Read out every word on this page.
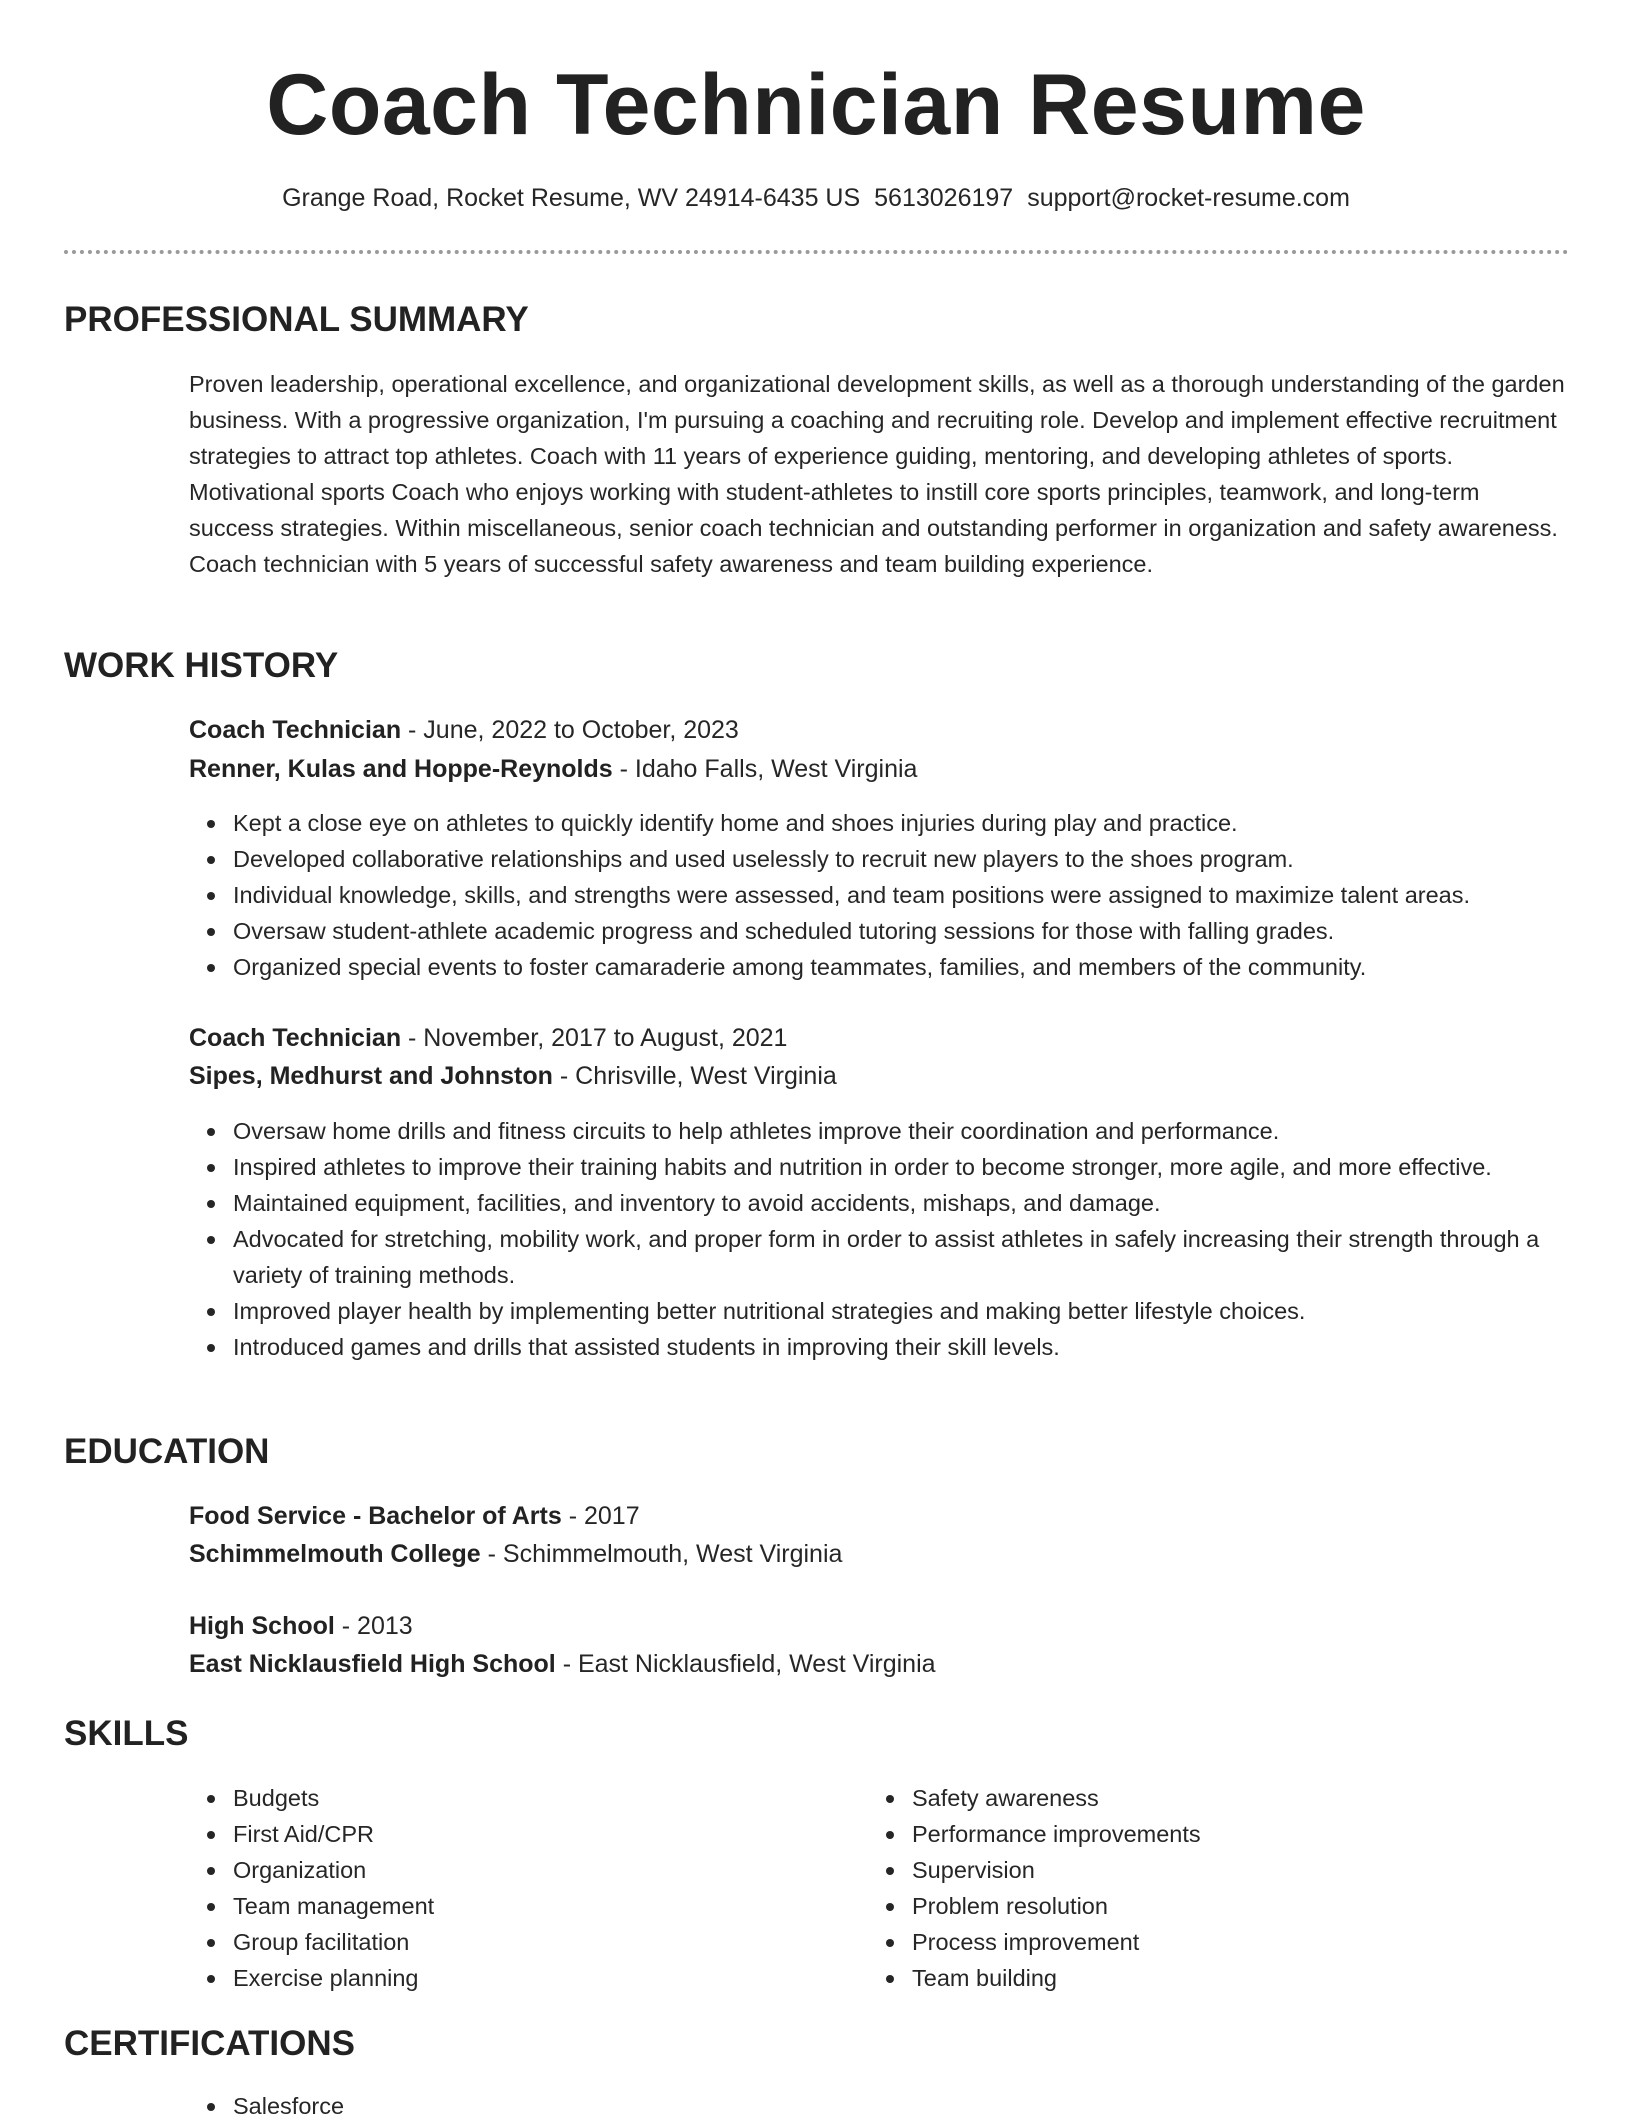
Coach Technician Resume
Grange Road, Rocket Resume, WV 24914-6435 US 5613026197 support@rocket-resume.com
PROFESSIONAL SUMMARY
Proven leadership, operational excellence, and organizational development skills, as well as a thorough understanding of the garden business. With a progressive organization, I'm pursuing a coaching and recruiting role. Develop and implement effective recruitment strategies to attract top athletes. Coach with 11 years of experience guiding, mentoring, and developing athletes of sports. Motivational sports Coach who enjoys working with student-athletes to instill core sports principles, teamwork, and long-term success strategies. Within miscellaneous, senior coach technician and outstanding performer in organization and safety awareness. Coach technician with 5 years of successful safety awareness and team building experience.
WORK HISTORY
Coach Technician - June, 2022 to October, 2023
Renner, Kulas and Hoppe-Reynolds - Idaho Falls, West Virginia
Kept a close eye on athletes to quickly identify home and shoes injuries during play and practice.
Developed collaborative relationships and used uselessly to recruit new players to the shoes program.
Individual knowledge, skills, and strengths were assessed, and team positions were assigned to maximize talent areas.
Oversaw student-athlete academic progress and scheduled tutoring sessions for those with falling grades.
Organized special events to foster camaraderie among teammates, families, and members of the community.
Coach Technician - November, 2017 to August, 2021
Sipes, Medhurst and Johnston - Chrisville, West Virginia
Oversaw home drills and fitness circuits to help athletes improve their coordination and performance.
Inspired athletes to improve their training habits and nutrition in order to become stronger, more agile, and more effective.
Maintained equipment, facilities, and inventory to avoid accidents, mishaps, and damage.
Advocated for stretching, mobility work, and proper form in order to assist athletes in safely increasing their strength through a variety of training methods.
Improved player health by implementing better nutritional strategies and making better lifestyle choices.
Introduced games and drills that assisted students in improving their skill levels.
EDUCATION
Food Service - Bachelor of Arts - 2017
Schimmelmouth College - Schimmelmouth, West Virginia
High School - 2013
East Nicklausfield High School - East Nicklausfield, West Virginia
SKILLS
Budgets
First Aid/CPR
Organization
Team management
Group facilitation
Exercise planning
Safety awareness
Performance improvements
Supervision
Problem resolution
Process improvement
Team building
CERTIFICATIONS
Salesforce
